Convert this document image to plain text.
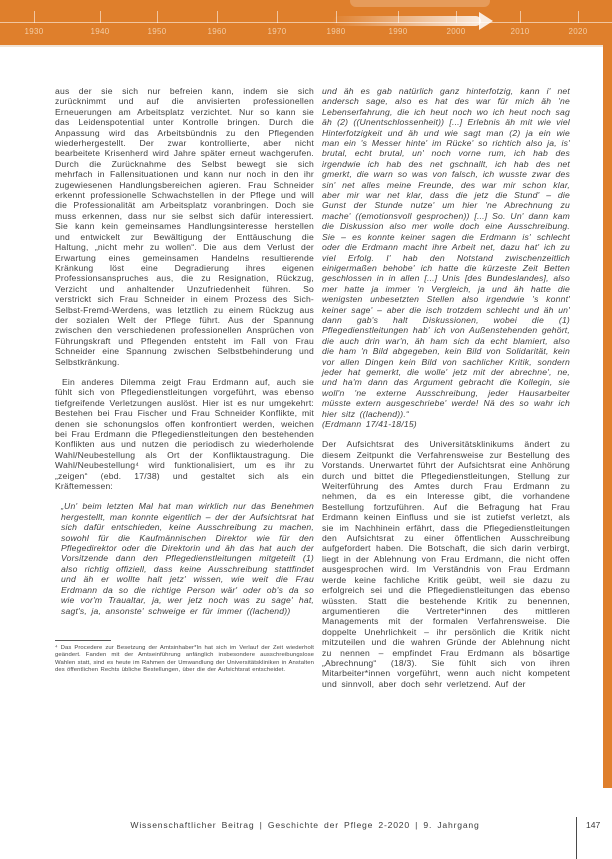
1930	1940	1950	1960	1970	1980	1990	2000	2010	2020

aus der sie sich nur befreien kann, indem sie sich zurücknimmt und auf die anvisierten professionellen Erneuerungen am Arbeitsplatz verzichtet. Nur so kann sie das Leidenspotential unter Kontrolle bringen. Durch die Anpassung wird das Arbeitsbündnis zu den Pflegenden wiederhergestellt. Der zwar kontrollierte, aber nicht bearbeitete Krisenherd wird Jahre später erneut wachgerufen. Durch die Zurücknahme des Selbst bewegt sie sich mehrfach in Fallensituationen und kann nur noch in den ihr zugewiesenen Handlungsbereichen agieren. Frau Schneider erkennt professionelle Schwachstellen in der Pflege und will die Professionalität am Arbeitsplatz voranbringen. Doch sie muss erkennen, dass nur sie selbst sich dafür interessiert. Sie kann kein gemeinsames Handlungsinteresse herstellen und entwickelt zur Bewältigung der Enttäuschung die Haltung, „nicht mehr zu wollen“. Die aus dem Verlust der Erwartung eines gemeinsamen Handelns resultierende Kränkung löst eine Degradierung ihres eigenen Professionsanspruches aus, die zu Resignation, Rückzug, Verzicht und anhaltender Unzufriedenheit führen. So verstrickt sich Frau Schneider in einem Prozess des Sich-Selbst-Fremd-Werdens, was letztlich zu einem Rückzug aus der sozialen Welt der Pflege führt. Aus der Spannung zwischen den verschiedenen professionellen Ansprüchen von Führungskraft und Pflegenden entsteht im Fall von Frau Schneider eine Spannung zwischen Selbstbehinderung und Selbstkränkung.

Ein anderes Dilemma zeigt Frau Erdmann auf, auch sie fühlt sich von Pflegedienstleitungen vorgeführt, was ebenso tiefgreifende Verletzungen auslöst. Hier ist es nur umgekehrt: Bestehen bei Frau Fischer und Frau Schneider Konflikte, mit denen sie schonungslos offen konfrontiert werden, weichen bei Frau Erdmann die Pflegedienstleitungen den bestehenden Konflikten aus und nutzen die periodisch zu wiederholende Wahl/Neubestellung als Ort der Konfliktaustragung. Die Wahl/Neubestellung⁴ wird funktionalisiert, um es ihr zu „zeigen“ (ebd. 17/38) und gestaltet sich als ein Kräftemessen:

„Un' beim letzten Mal hat man wirklich nur das Benehmen hergestellt, man konnte eigentlich – der der Aufsichtsrat hat sich dafür entschieden, keine Ausschreibung zu machen, sowohl für die Kaufmännischen Direktor wie für den Pflegedirektor oder die Direktorin und äh das hat auch der Vorsitzende dann den Pflegedienstleitungen mitgeteilt (1) also richtig offiziell, dass keine Ausschreibung stattfindet und äh er wollte halt jetz' wissen, wie weit die Frau Erdmann da so die richtige Person wär' oder ob's da so wie vor'm Traualtar, ja, wer jetz noch was zu sage' hat, sagt's, ja, ansonste' schweige er für immer ((lachend))

⁴ Das Procedere zur Besetzung der Amtsinhaber*In hat sich im Verlauf der Zeit wiederholt geändert. Fanden mit der Amtseinführung anfänglich insbesondere ausschreibungslose Wahlen statt, sind es heute im Rahmen der Umwandlung der Universitätskliniken in Anstalten des öffentlichen Rechts übliche Bestellungen, über die der Aufsichtsrat entscheidet.

und äh es gab natürlich ganz hinterfotzig, kann i' net andersch sage, also es hat des war für mich äh 'ne Lebenserfahrung, die ich heut noch wo ich heut noch sag äh (2) ((Unentschlossenheit)) [...] Erlebnis äh mit wie viel Hinterfotzigkeit und äh und wie sagt man (2) ja ein wie man ein 's Messer hinte' im Rücke' so richtich also ja, is' brutal, echt brutal, un' noch vorne rum, ich hab des irgendwie ich hab des net gschnallt, ich hab des net gmerkt, die warn so was von falsch, ich wusste zwar des sin' net alles meine Freunde, des war mir schon klar, aber mir war net klar, dass die jetz die Stund' – die Gunst der Stunde nutze' um hier 'ne Abrechnung zu mache' ((emotionsvoll gesprochen)) [...] So. Un' dann kam die Diskussion also mer wolle doch eine Ausschreibung. Sie – es konnte keiner sagen die Erdmann is' schlecht oder die Erdmann macht ihre Arbeit net, dazu hat' ich zu viel Erfolg. I' hab den Notstand zwischenzeitlich einigermaßen behobe' ich hatte die kürzeste Zeit Betten geschlossen in in allen [...] Unis [des Bundeslandes], also mer hatte ja immer 'n Vergleich, ja und äh hatte die wenigsten unbesetzten Stellen also irgendwie 's konnt' keiner sage' – aber die isch trotzdem schlecht und äh un' dann gab's halt Diskussionen, wobei die (1) Pflegedienstleitungen hab' ich von Außenstehenden gehört, die auch drin war'n, äh ham sich da echt blamiert, also die ham 'n Bild abgegeben, kein Bild von Solidarität, kein vor allen Dingen kein Bild von sachlicher Kritik, sondern jeder hat gemerkt, die wolle' jetz mit der abrechne', ne, und ha'm dann das Argument gebracht die Kollegin, sie woll'n 'ne externe Ausschreibung, jeder Hausarbeiter müsste extern ausgeschriebe' werde! Nä des so wahr ich hier sitz ((lachend)).“

(Erdmann 17/41-18/15)

Der Aufsichtsrat des Universitätsklinikums ändert zu diesem Zeitpunkt die Verfahrensweise zur Bestellung des Vorstands. Unerwartet führt der Aufsichtsrat eine Anhörung durch und bittet die Pflegedienstleitungen, Stellung zur Weiterführung des Amtes durch Frau Erdmann zu nehmen, da es ein Interesse gibt, die vorhandene Bestellung fortzuführen. Auf die Befragung hat Frau Erdmann keinen Einfluss und sie ist zutiefst verletzt, als sie im Nachhinein erfährt, dass die Pflegedienstleitungen den Aufsichtsrat zu einer öffentlichen Ausschreibung aufgefordert haben. Die Botschaft, die sich darin verbirgt, liegt in der Ablehnung von Frau Erdmann, die nicht offen ausgesprochen wird. Im Verständnis von Frau Erdmann werde keine fachliche Kritik geübt, weil sie dazu zu erfolgreich sei und die Pflegedienstleitungen das ebenso wüssten. Statt die bestehende Kritik zu benennen, argumentieren die Vertreter*innen des mittleren Managements mit der formalen Verfahrensweise. Die doppelte Unehrlichkeit – ihr persönlich die Kritik nicht mitzuteilen und die wahren Gründe der Ablehnung nicht zu nennen – empfindet Frau Erdmann als bösartige „Abrechnung“ (18/3). Sie fühlt sich von ihren Mitarbeiter*innen vorgeführt, wenn auch nicht kompetent und sinnvoll, aber doch sehr verletzend. Auf der

Wissenschaftlicher Beitrag | Geschichte der Pflege 2-2020 | 9. Jahrgang	147
